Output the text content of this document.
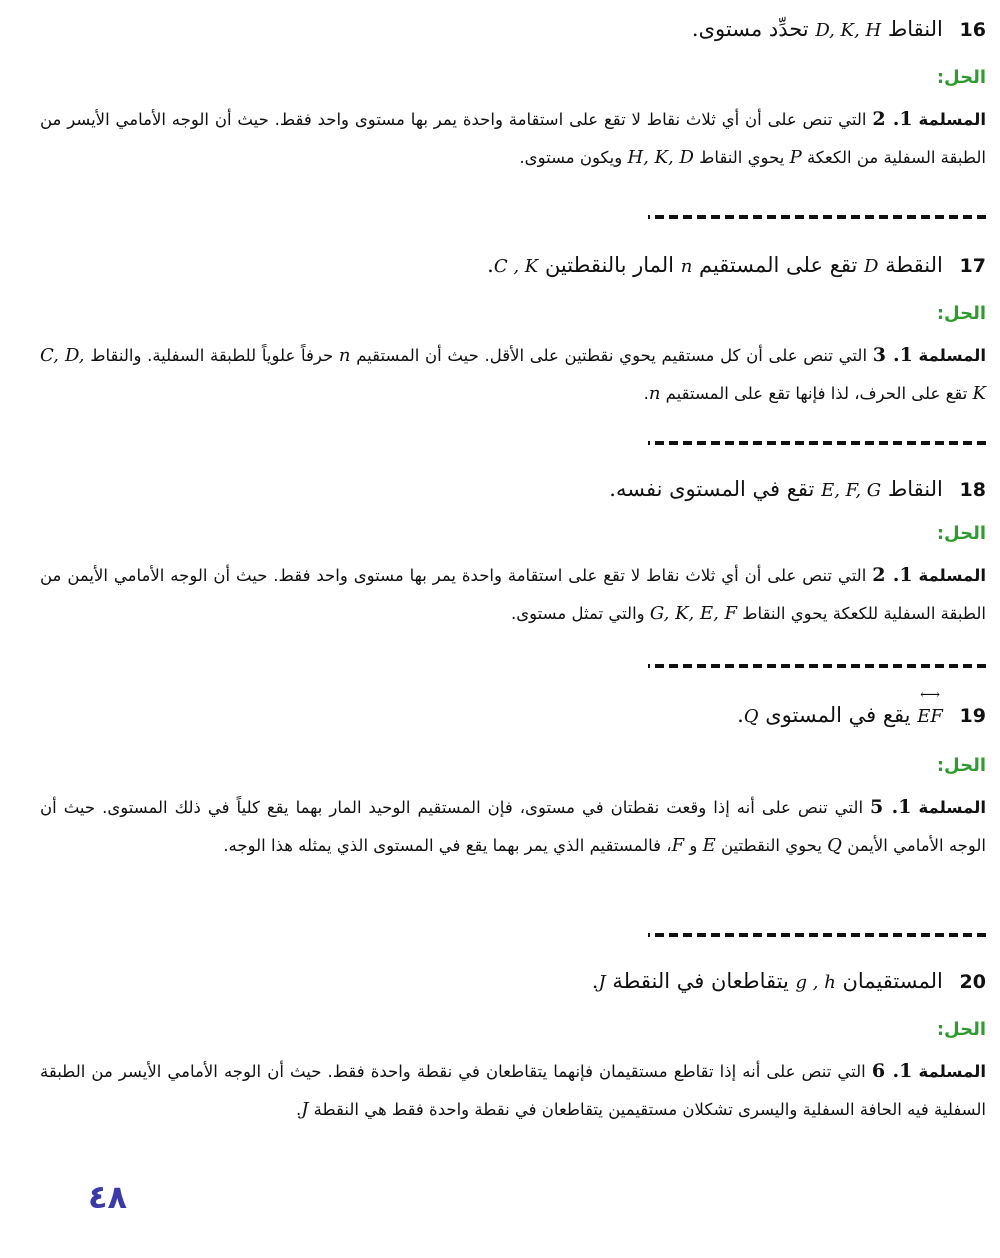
16 النقاط D, K, H تحدِّد مستوى.
الحل:
المسلمة 2 .1 التي تنص على أن أي ثلاث نقاط لا تقع على استقامة واحدة يمر بها مستوى واحد فقط. حيث أن الوجه الأمامي الأيسر من الطبقة السفلية من الكعكة P يحوي النقاط H, K, D ويكون مستوى.
17 النقطة D تقع على المستقيم n المار بالنقطتين C , K.
الحل:
المسلمة 3 .1 التي تنص على أن كل مستقيم يحوي نقطتين على الأقل. حيث أن المستقيم n حرفاً علوياً للطبقة السفلية. والنقاط C, D, K تقع على الحرف، لذا فإنها تقع على المستقيم n.
18 النقاط E, F, G تقع في المستوى نفسه.
الحل:
المسلمة 2 .1 التي تنص على أن أي ثلاث نقاط لا تقع على استقامة واحدة يمر بها مستوى واحد فقط. حيث أن الوجه الأمامي الأيمن من الطبقة السفلية للكعكة يحوي النقاط G, K, E, F والتي تمثل مستوى.
19
⟷
EF يقع في المستوى Q.
الحل:
المسلمة 5 .1 التي تنص على أنه إذا وقعت نقطتان في مستوى، فإن المستقيم الوحيد المار بهما يقع كلياً في ذلك المستوى. حيث أن الوجه الأمامي الأيمن Q يحوي النقطتين E و F، فالمستقيم الذي يمر بهما يقع في المستوى الذي يمثله هذا الوجه.
20 المستقيمان g , h يتقاطعان في النقطة J.
الحل:
المسلمة 6 .1 التي تنص على أنه إذا تقاطع مستقيمان فإنهما يتقاطعان في نقطة واحدة فقط. حيث أن الوجه الأمامي الأيسر من الطبقة السفلية فيه الحافة السفلية واليسرى تشكلان مستقيمين يتقاطعان في نقطة واحدة فقط هي النقطة J.
٤٨
